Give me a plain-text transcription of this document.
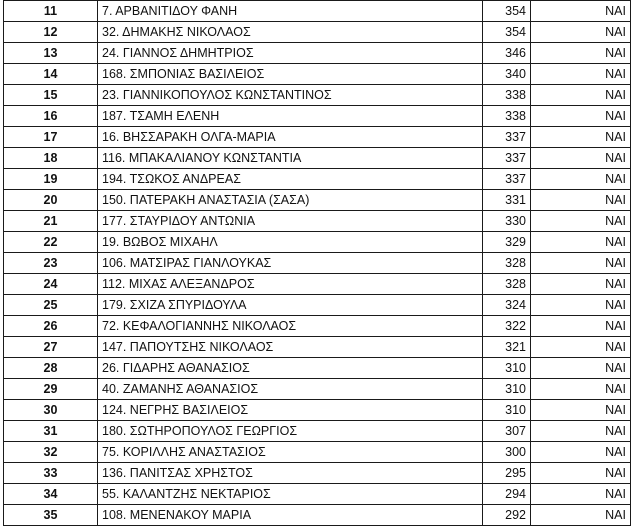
11	7. ΑΡΒΑΝΙΤΙΔΟΥ ΦΑΝΗ	354	ΝΑΙ
12	32. ΔΗΜΑΚΗΣ ΝΙΚΟΛΑΟΣ	354	ΝΑΙ
13	24. ΓΙΑΝΝΟΣ ΔΗΜΗΤΡΙΟΣ	346	ΝΑΙ
14	168. ΣΜΠΟΝΙΑΣ ΒΑΣΙΛΕΙΟΣ	340	ΝΑΙ
15	23. ΓΙΑΝΝΙΚΟΠΟΥΛΟΣ ΚΩΝΣΤΑΝΤΙΝΟΣ	338	ΝΑΙ
16	187. ΤΣΑΜΗ ΕΛΕΝΗ	338	ΝΑΙ
17	16. ΒΗΣΣΑΡΑΚΗ ΟΛΓΑ-ΜΑΡΙΑ	337	ΝΑΙ
18	116. ΜΠΑΚΑΛΙΑΝΟΥ ΚΩΝΣΤΑΝΤΙΑ	337	ΝΑΙ
19	194. ΤΣΩΚΟΣ ΑΝΔΡΕΑΣ	337	ΝΑΙ
20	150. ΠΑΤΕΡΑΚΗ ΑΝΑΣΤΑΣΙΑ (ΣΑΣΑ)	331	ΝΑΙ
21	177. ΣΤΑΥΡΙΔΟΥ ΑΝΤΩΝΙΑ	330	ΝΑΙ
22	19. ΒΩΒΟΣ ΜΙΧΑΗΛ	329	ΝΑΙ
23	106. ΜΑΤΣΙΡΑΣ ΓΙΑΝΛΟΥΚΑΣ	328	ΝΑΙ
24	112. ΜΙΧΑΣ ΑΛΕΞΑΝΔΡΟΣ	328	ΝΑΙ
25	179. ΣΧΙΖΑ ΣΠΥΡΙΔΟΥΛΑ	324	ΝΑΙ
26	72. ΚΕΦΑΛΟΓΙΑΝΝΗΣ ΝΙΚΟΛΑΟΣ	322	ΝΑΙ
27	147. ΠΑΠΟΥΤΣΗΣ ΝΙΚΟΛΑΟΣ	321	ΝΑΙ
28	26. ΓΙΔΑΡΗΣ ΑΘΑΝΑΣΙΟΣ	310	ΝΑΙ
29	40. ΖΑΜΑΝΗΣ ΑΘΑΝΑΣΙΟΣ	310	ΝΑΙ
30	124. ΝΕΓΡΗΣ ΒΑΣΙΛΕΙΟΣ	310	ΝΑΙ
31	180. ΣΩΤΗΡΟΠΟΥΛΟΣ ΓΕΩΡΓΙΟΣ	307	ΝΑΙ
32	75. ΚΟΡΙΛΛΗΣ ΑΝΑΣΤΑΣΙΟΣ	300	ΝΑΙ
33	136. ΠΑΝΙΤΣΑΣ ΧΡΗΣΤΟΣ	295	ΝΑΙ
34	55. ΚΑΛΑΝΤΖΗΣ ΝΕΚΤΑΡΙΟΣ	294	ΝΑΙ
35	108. ΜΕΝΕΝΑΚΟΥ ΜΑΡΙΑ	292	ΝΑΙ
